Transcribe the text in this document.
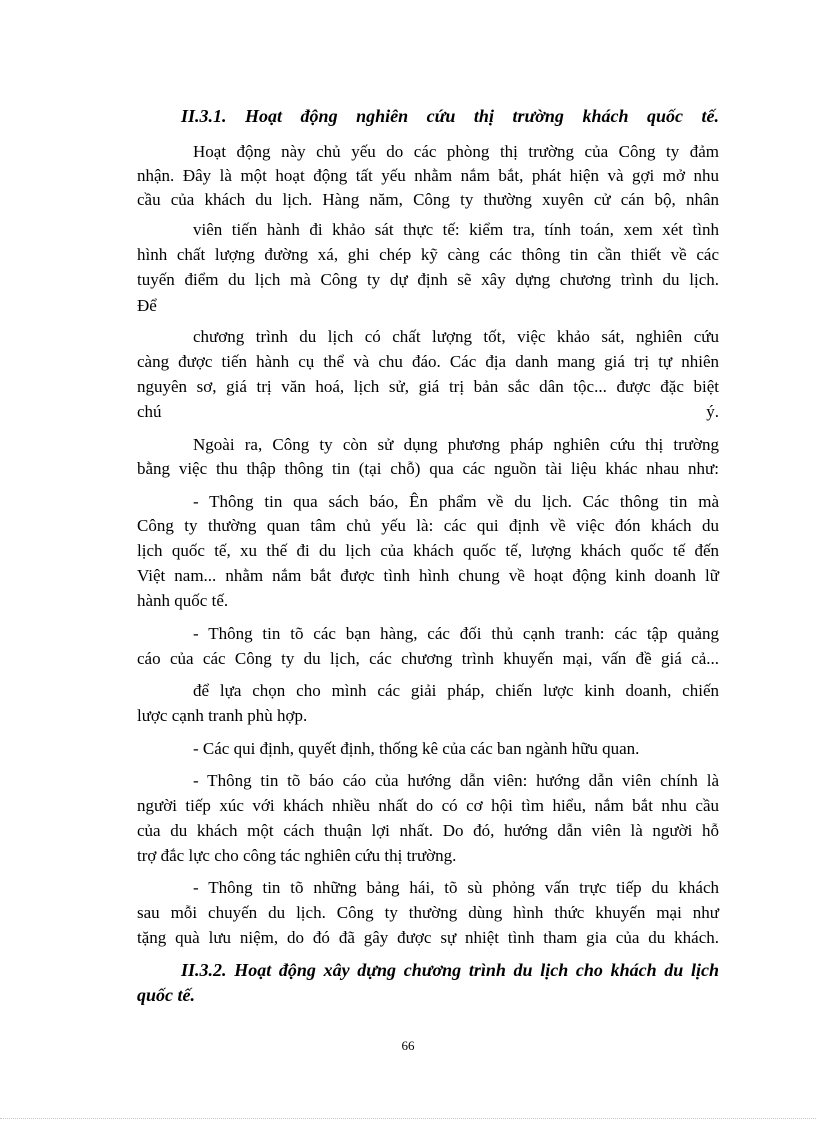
II.3.1. Hoạt động nghiên cứu thị trường khách quốc tế.
Hoạt động này chủ yếu do các phòng thị trường của Công ty đảm
nhận. Đây là một hoạt động tất yếu nhằm nắm bắt, phát hiện và gợi mở nhu
cầu của khách du lịch. Hàng năm, Công ty thường xuyên cử cán bộ, nhân
viên tiến hành đi khảo sát thực tế: kiểm tra, tính toán, xem xét tình
hình chất lượng đường xá, ghi chép kỹ càng các thông tin cần thiết về các
tuyến điểm du lịch mà Công ty dự định sẽ xây dựng chương trình du lịch.
Để
chương trình du lịch có chất lượng tốt, việc khảo sát, nghiên cứu
càng được tiến hành cụ thể và chu đáo. Các địa danh mang giá trị tự nhiên
nguyên sơ, giá trị văn hoá, lịch sử, giá trị bản sắc dân tộc... được đặc biệt
chú	ý.
Ngoài ra, Công ty còn sử dụng phương pháp nghiên cứu thị trường
bằng việc thu thập thông tin (tại chỗ) qua các nguồn tài liệu khác nhau như:
- Thông tin qua sách báo, Ên phẩm về du lịch. Các thông tin mà
Công ty thường quan tâm chủ yếu là: các qui định về việc đón khách du
lịch quốc tế, xu thế đi du lịch của khách quốc tế, lượng khách quốc tế đến
Việt nam... nhằm nắm bắt được tình hình chung về hoạt động kinh doanh lữ
hành quốc tế.
- Thông tin tõ các bạn hàng, các đối thủ cạnh tranh: các tập quảng
cáo của các Công ty du lịch, các chương trình khuyến mại, vấn đề giá cả...
để lựa chọn cho mình các giải pháp, chiến lược kinh doanh, chiến
lược cạnh tranh phù hợp.
- Các qui định, quyết định, thống kê của các ban ngành hữu quan.
- Thông tin tõ báo cáo của hướng dẫn viên: hướng dẫn viên chính là
người tiếp xúc với khách nhiều nhất do có cơ hội tìm hiểu, nắm bắt nhu cầu
của du khách một cách thuận lợi nhất. Do đó, hướng dẫn viên là người hỗ
trợ đắc lực cho công tác nghiên cứu thị trường.
- Thông tin tõ những bảng hái, tõ sù phỏng vấn trực tiếp du khách
sau mỗi chuyến du lịch. Công ty thường dùng hình thức khuyến mại như
tặng quà lưu niệm, do đó đã gây được sự nhiệt tình tham gia của du khách.
II.3.2. Hoạt động xây dựng chương trình du lịch cho khách du lịch
quốc tế.
66
